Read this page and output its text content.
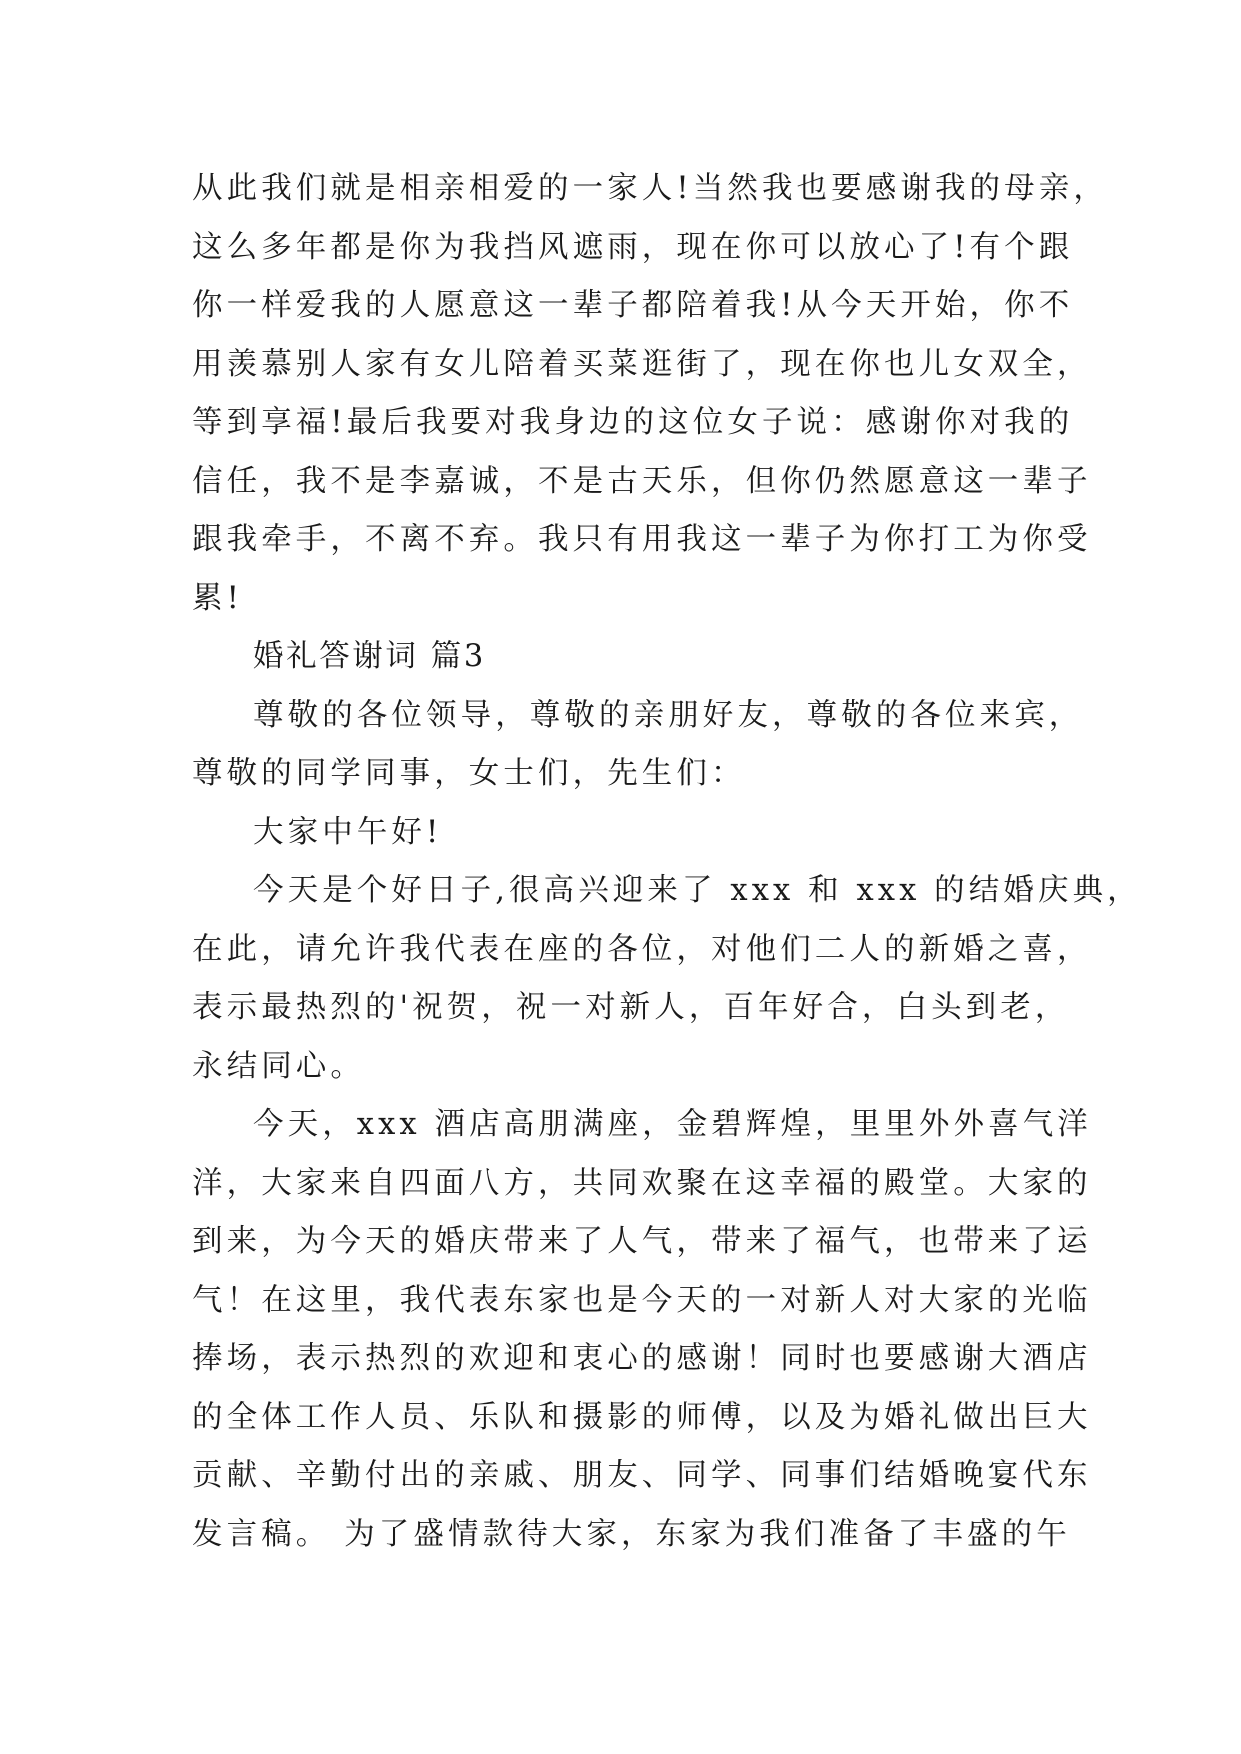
从此我们就是相亲相爱的一家人!当然我也要感谢我的母亲，
这么多年都是你为我挡风遮雨，现在你可以放心了!有个跟
你一样爱我的人愿意这一辈子都陪着我!从今天开始，你不
用羡慕别人家有女儿陪着买菜逛街了，现在你也儿女双全，
等到享福!最后我要对我身边的这位女子说：感谢你对我的
信任，我不是李嘉诚，不是古天乐，但你仍然愿意这一辈子
跟我牵手，不离不弃。我只有用我这一辈子为你打工为你受
累!
婚礼答谢词 篇3
尊敬的各位领导，尊敬的亲朋好友，尊敬的各位来宾，
尊敬的同学同事，女士们，先生们：
大家中午好!
今天是个好日子,很高兴迎来了 xxx 和 xxx 的结婚庆典，
在此，请允许我代表在座的各位，对他们二人的新婚之喜，
表示最热烈的'祝贺，祝一对新人，百年好合，白头到老，
永结同心。
今天，xxx 酒店高朋满座，金碧辉煌，里里外外喜气洋
洋，大家来自四面八方，共同欢聚在这幸福的殿堂。大家的
到来，为今天的婚庆带来了人气，带来了福气，也带来了运
气！在这里，我代表东家也是今天的一对新人对大家的光临
捧场，表示热烈的欢迎和衷心的感谢！同时也要感谢大酒店
的全体工作人员、乐队和摄影的师傅，以及为婚礼做出巨大
贡献、辛勤付出的亲戚、朋友、同学、同事们结婚晚宴代东
发言稿。 为了盛情款待大家，东家为我们准备了丰盛的午
